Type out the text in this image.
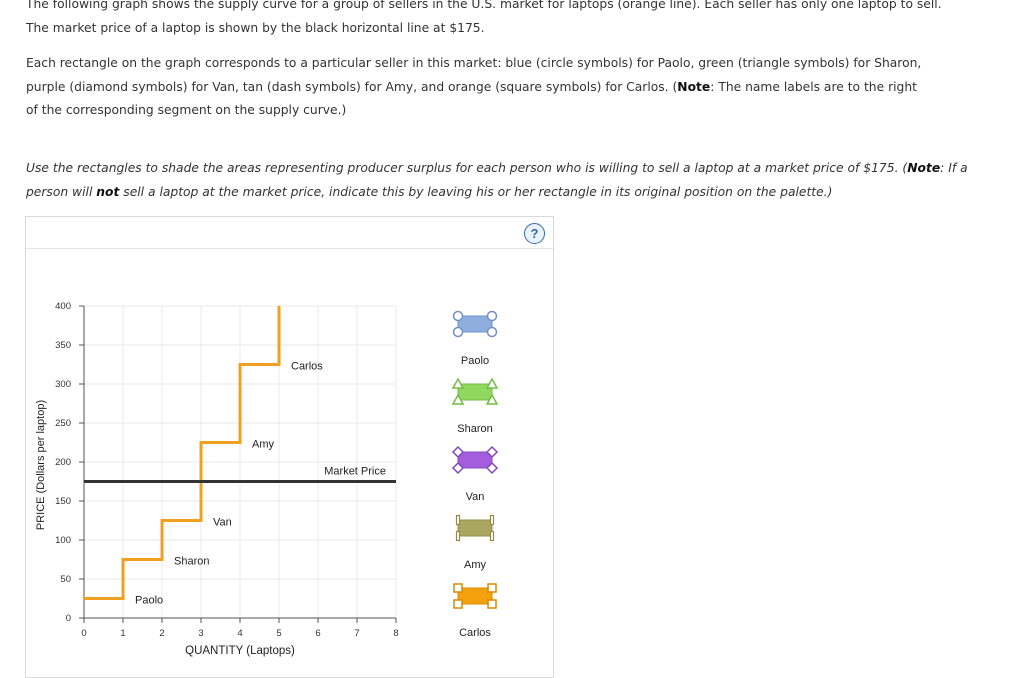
The following graph shows the supply curve for a group of sellers in the U.S. market for laptops (orange line). Each seller has only one laptop to sell.
The market price of a laptop is shown by the black horizontal line at $175.

Each rectangle on the graph corresponds to a particular seller in this market: blue (circle symbols) for Paolo, green (triangle symbols) for Sharon, purple (diamond symbols) for Van, tan (dash symbols) for Amy, and orange (square symbols) for Carlos. (Note: The name labels are to the right of the corresponding segment on the supply curve.)

Use the rectangles to shade the areas representing producer surplus for each person who is willing to sell a laptop at a market price of $175. (Note: If a person will not sell a laptop at the market price, indicate this by leaving his or her rectangle in its original position on the palette.)

?
0
50
100
150
200
250
300
350
400
0	1	2	3	4	5	6	7	8
Market Price
Paolo
Sharon
Van
Amy
Carlos	Paolo
Sharon
Van
Amy
Carlos
QUANTITY (Laptops)
PRICE (Dollars per laptop)
